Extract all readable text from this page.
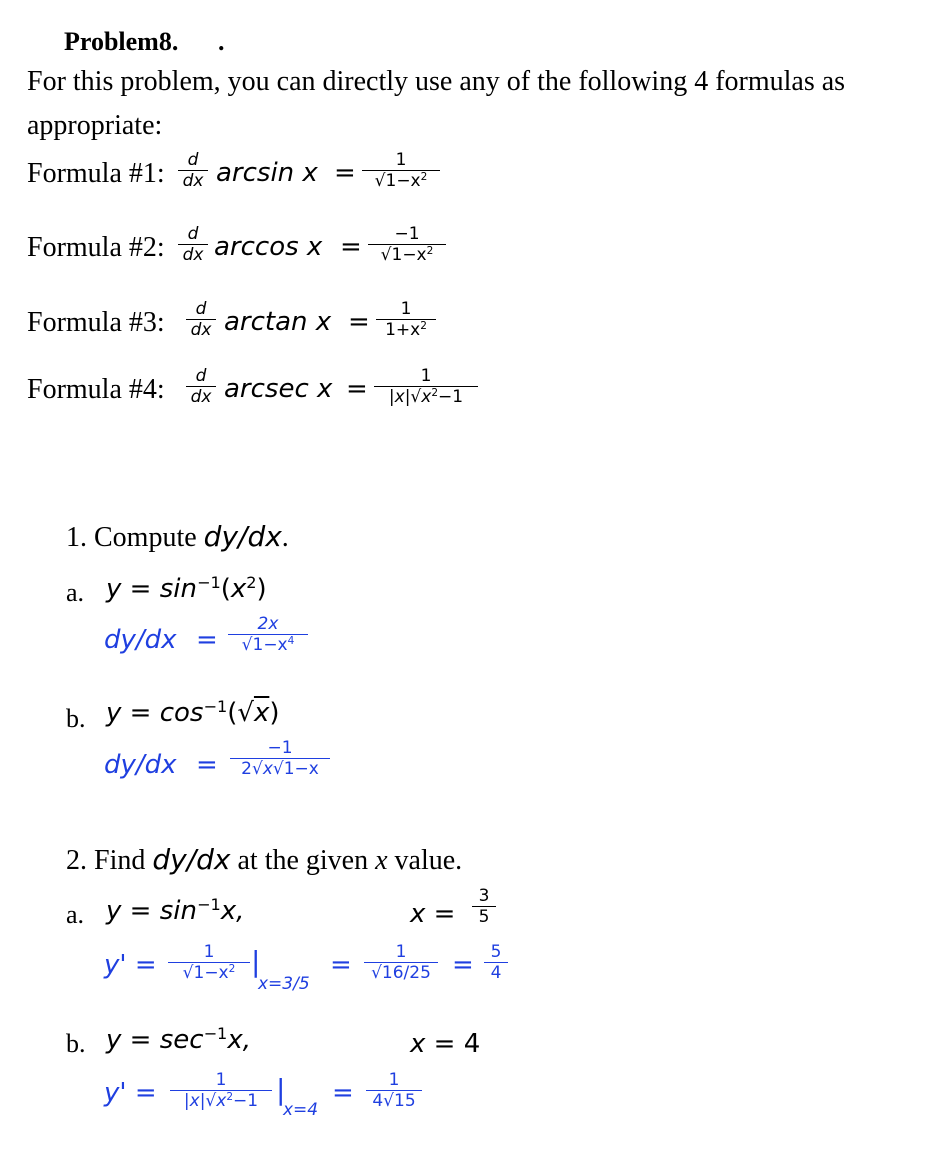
Problem8. .
For this problem, you can directly use any of the following 4 formulas as
appropriate:
Formula #1:	d
dx arcsin x =	1
$√1-x^2$
Formula #2:	d
dx arccos x =	−1
$√1-x^2$
Formula #3:	d
dx arctan x =	1
$1+x^2$
Formula #4:	d
dx arcsec x =	1
$|x|√x^2-1$
1. Compute dy/dx.
a. $y = \sin^{-1}(x^2)$
dy/dx =
2x
$√1-x^4$
b. $y = \cos^{-1}(√x)$
dy/dx =
−1
2√x√1−x
2. Find dy/dx at the given x value.
a. $y = \sin^{-1}x$,	x =
3
5
y' =	1
$√1-x^2$ |
x=3/5
=	1
√16/25 = 5
4
b. $y = \sec^{-1}x$,	x = 4
y' =	1
$|x|√x^2-1$ |
x=4
=	1
4√15
